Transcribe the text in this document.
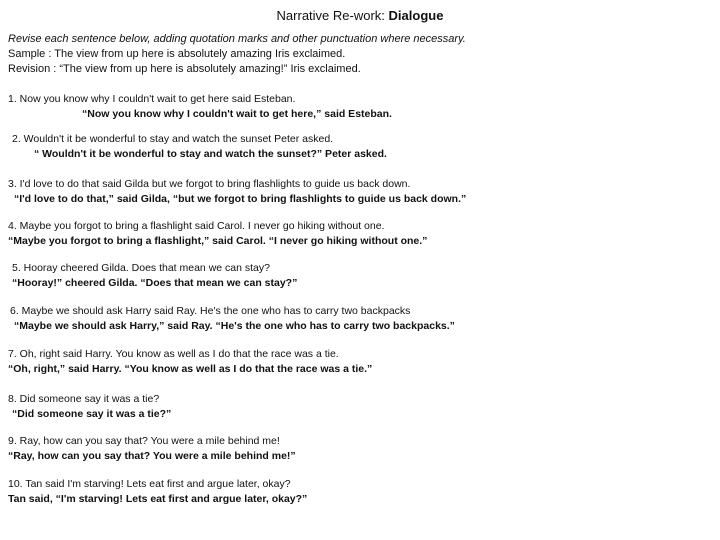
Narrative Re-work: Dialogue
Revise each sentence below, adding quotation marks and other punctuation where necessary.
Sample : The view from up here is absolutely amazing Iris exclaimed.
Revision : “The view from up here is absolutely amazing!” Iris exclaimed.
1. Now you know why I couldn't wait to get here said Esteban.
“Now you know why I couldn't wait to get here,” said Esteban.
2. Wouldn't it be wonderful to stay and watch the sunset Peter asked.
“ Wouldn't it be wonderful to stay and watch the sunset?” Peter asked.
3. I'd love to do that said Gilda but we forgot to bring flashlights to guide us back down.
“I'd love to do that,” said Gilda, “but we forgot to bring flashlights to guide us back down.”
4. Maybe you forgot to bring a flashlight said Carol. I never go hiking without one.
“Maybe you forgot to bring a flashlight,” said Carol. “I never go hiking without one.”
5. Hooray cheered Gilda. Does that mean we can stay?
“Hooray!” cheered Gilda. “Does that mean we can stay?”
6. Maybe we should ask Harry said Ray. He's the one who has to carry two backpacks
“Maybe we should ask Harry,” said Ray. “He's the one who has to carry two backpacks.”
7. Oh, right said Harry. You know as well as I do that the race was a tie.
“Oh, right,” said Harry. “You know as well as I do that the race was a tie.”
8. Did someone say it was a tie?
“Did someone say it was a tie?”
9. Ray, how can you say that? You were a mile behind me!
“Ray, how can you say that? You were a mile behind me!”
10. Tan said I'm starving! Lets eat first and argue later, okay?
Tan said, “I'm starving! Lets eat first and argue later, okay?”
